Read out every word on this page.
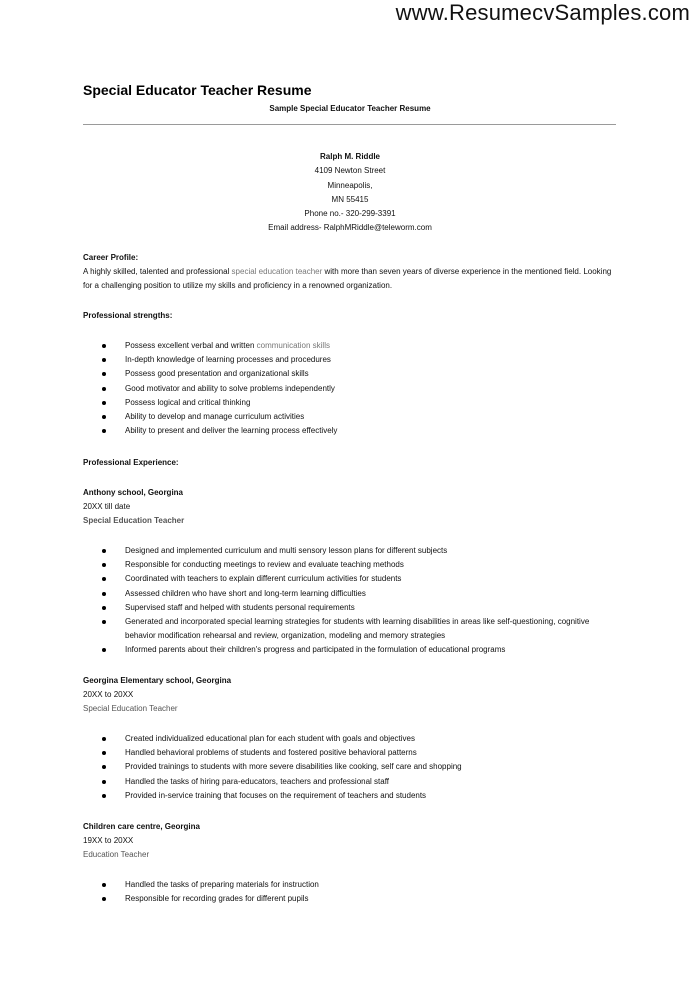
www.ResumecvSamples.com
Special Educator Teacher Resume
Sample Special Educator Teacher Resume
Ralph M. Riddle
4109 Newton Street
Minneapolis,
MN 55415
Phone no.- 320-299-3391
Email address- RalphMRiddle@teleworm.com
Career Profile:
A highly skilled, talented and professional special education teacher with more than seven years of diverse experience in the mentioned field. Looking for a challenging position to utilize my skills and proficiency in a renowned organization.
Professional strengths:
Possess excellent verbal and written communication skills
In-depth knowledge of learning processes and procedures
Possess good presentation and organizational skills
Good motivator and ability to solve problems independently
Possess logical and critical thinking
Ability to develop and manage curriculum activities
Ability to present and deliver the learning process effectively
Professional Experience:
Anthony school, Georgina
20XX till date
Special Education Teacher
Designed and implemented curriculum and multi sensory lesson plans for different subjects
Responsible for conducting meetings to review and evaluate teaching methods
Coordinated with teachers to explain different curriculum activities for students
Assessed children who have short and long-term learning difficulties
Supervised staff and helped with students personal requirements
Generated and incorporated special learning strategies for students with learning disabilities in areas like self-questioning, cognitive behavior modification rehearsal and review, organization, modeling and memory strategies
Informed parents about their children's progress and participated in the formulation of educational programs
Georgina Elementary school, Georgina
20XX to 20XX
Special Education Teacher
Created individualized educational plan for each student with goals and objectives
Handled behavioral problems of students and fostered positive behavioral patterns
Provided trainings to students with more severe disabilities like cooking, self care and shopping
Handled the tasks of hiring para-educators, teachers and professional staff
Provided in-service training that focuses on the requirement of teachers and students
Children care centre, Georgina
19XX to 20XX
Education Teacher
Handled the tasks of preparing materials for instruction
Responsible for recording grades for different pupils
